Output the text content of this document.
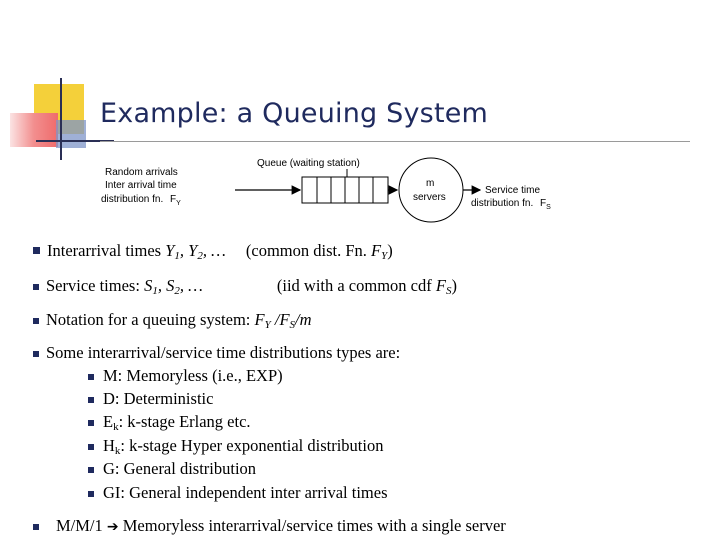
Example: a Queuing System
Random arrivals
Inter arrival time
distribution fn. $F_Y$
Queue (waiting station)
m
servers
Service time
distribution fn. $F_S$
Interarrival times $Y_1$, $Y_2$, … (common dist. Fn. $F_Y$)
Service times: $S_1$, $S_2$, …	(iid with a common cdf $F_S$)
Notation for a queuing system: $F_Y$ $/F_S/m$
Some interarrival/service time distributions types are:
M: Memoryless (i.e., EXP)
D: Deterministic
$E_k$: k-stage Erlang etc.
$H_k$: k-stage Hyper exponential distribution
G: General distribution
GI: General independent inter arrival times
M/M/1 ➔ Memoryless interarrival/service times with a single server
